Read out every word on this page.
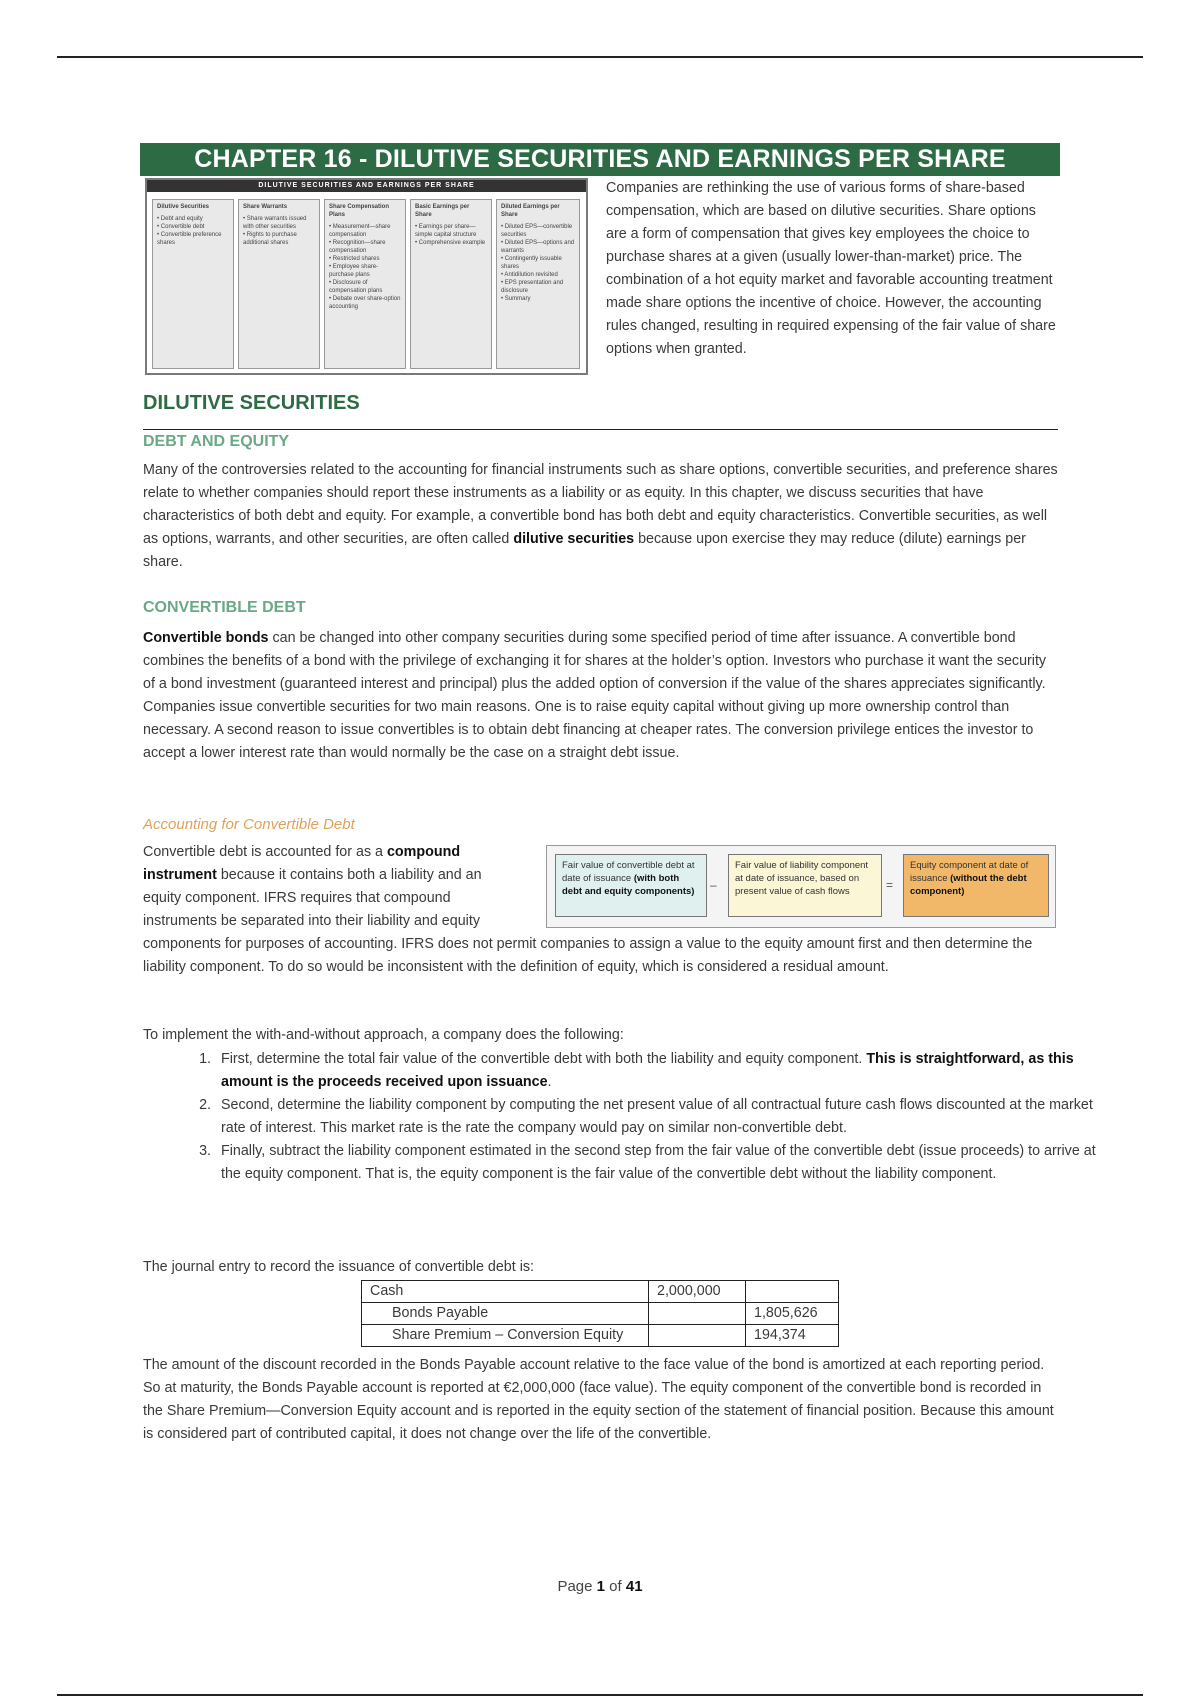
CHAPTER 16 - DILUTIVE SECURITIES AND EARNINGS PER SHARE
DILUTIVE SECURITIES AND EARNINGS PER SHARE
Dilutive Securities
• Debt and equity
• Convertible debt
• Convertible preference shares
Share Warrants
• Share warrants issued with other securities
• Rights to purchase additional shares
Share Compensation Plans
• Measurement—share compensation
• Recognition—share compensation
• Restricted shares
• Employee share-purchase plans
• Disclosure of compensation plans
• Debate over share-option accounting
Basic Earnings per Share
• Earnings per share—simple capital structure
• Comprehensive example
Diluted Earnings per Share
• Diluted EPS—convertible securities
• Diluted EPS—options and warrants
• Contingently issuable shares
• Antidilution revisited
• EPS presentation and disclosure
• Summary

Companies are rethinking the use of various forms of share-based compensation, which are based on dilutive securities. Share options are a form of compensation that gives key employees the choice to purchase shares at a given (usually lower-than-market) price. The combination of a hot equity market and favorable accounting treatment made share options the incentive of choice. However, the accounting rules changed, resulting in required expensing of the fair value of share options when granted.

DILUTIVE SECURITIES
DEBT AND EQUITY

Many of the controversies related to the accounting for financial instruments such as share options, convertible securities, and preference shares relate to whether companies should report these instruments as a liability or as equity. In this chapter, we discuss securities that have characteristics of both debt and equity. For example, a convertible bond has both debt and equity characteristics. Convertible securities, as well as options, warrants, and other securities, are often called dilutive securities because upon exercise they may reduce (dilute) earnings per share.

CONVERTIBLE DEBT

Convertible bonds can be changed into other company securities during some specified period of time after issuance. A convertible bond combines the benefits of a bond with the privilege of exchanging it for shares at the holder’s option. Investors who purchase it want the security of a bond investment (guaranteed interest and principal) plus the added option of conversion if the value of the shares appreciates significantly. Companies issue convertible securities for two main reasons. One is to raise equity capital without giving up more ownership control than necessary. A second reason to issue convertibles is to obtain debt financing at cheaper rates. The conversion privilege entices the investor to accept a lower interest rate than would normally be the case on a straight debt issue.

Accounting for Convertible Debt

Convertible debt is accounted for as a compound instrument because it contains both a liability and an equity component. IFRS requires that compound instruments be separated into their liability and equity

components for purposes of accounting. IFRS does not permit companies to assign a value to the equity amount first and then determine the liability component. To do so would be inconsistent with the definition of equity, which is considered a residual amount.

Fair value of convertible debt at date of issuance (with both debt and equity components)	–
Fair value of liability component at date of issuance, based on present value of cash flows	=
Equity component at date of issuance (without the debt component)

To implement the with-and-without approach, a company does the following:

1. First, determine the total fair value of the convertible debt with both the liability and equity component. This is straightforward, as this amount is the proceeds received upon issuance.
2. Second, determine the liability component by computing the net present value of all contractual future cash flows discounted at the market rate of interest. This market rate is the rate the company would pay on similar non-convertible debt.
3. Finally, subtract the liability component estimated in the second step from the fair value of the convertible debt (issue proceeds) to arrive at the equity component. That is, the equity component is the fair value of the convertible debt without the liability component.

The journal entry to record the issuance of convertible debt is:

Cash	2,000,000	
Bonds Payable		1,805,626
Share Premium – Conversion Equity		194,374

The amount of the discount recorded in the Bonds Payable account relative to the face value of the bond is amortized at each reporting period. So at maturity, the Bonds Payable account is reported at €2,000,000 (face value). The equity component of the convertible bond is recorded in the Share Premium—Conversion Equity account and is reported in the equity section of the statement of financial position. Because this amount is considered part of contributed capital, it does not change over the life of the convertible.

Page 1 of 41
